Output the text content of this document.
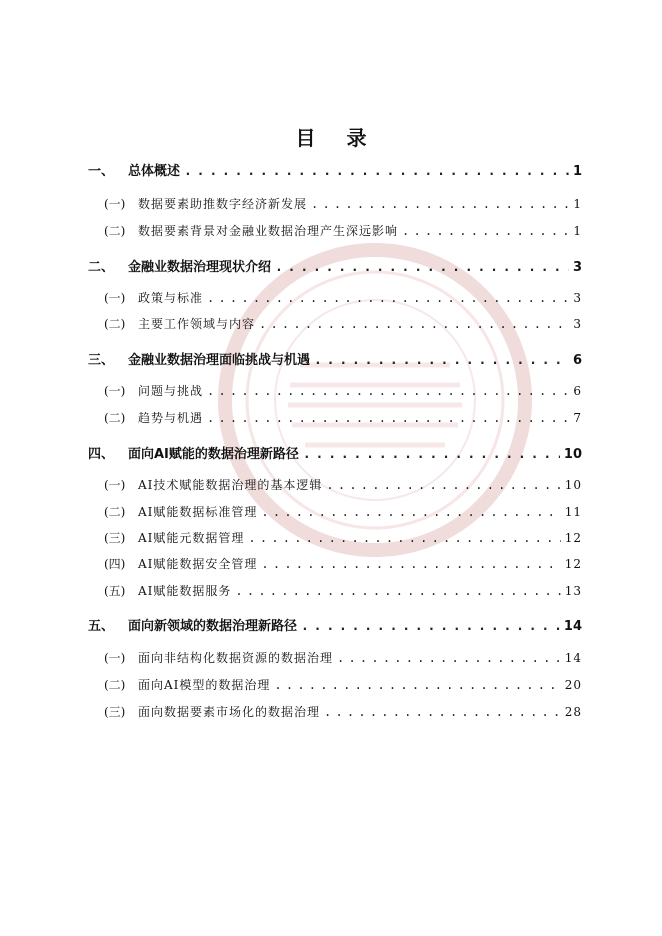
目 录
一、	总体概述 . . .	1
(一)	数据要素助推数字经济新发展 . . .	1
(二)	数据要素背景对金融业数据治理产生深远影响 . . .	1
二、	金融业数据治理现状介绍 . . .	3
(一)	政策与标准 . . .	3
(二)	主要工作领域与内容 . . .	3
三、	金融业数据治理面临挑战与机遇 . . .	6
(一)	问题与挑战 . . .	6
(二)	趋势与机遇 . . .	7
四、	面向AI赋能的数据治理新路径 . . .	10
(一)	AI技术赋能数据治理的基本逻辑 . . .	10
(二)	AI赋能数据标准管理 . . .	11
(三)	AI赋能元数据管理 . . .	12
(四)	AI赋能数据安全管理 . . .	12
(五)	AI赋能数据服务 . . .	13
五、	面向新领域的数据治理新路径 . . .	14
(一)	面向非结构化数据资源的数据治理 . . .	14
(二)	面向AI模型的数据治理 . . .	20
(三)	面向数据要素市场化的数据治理 . . .	28
